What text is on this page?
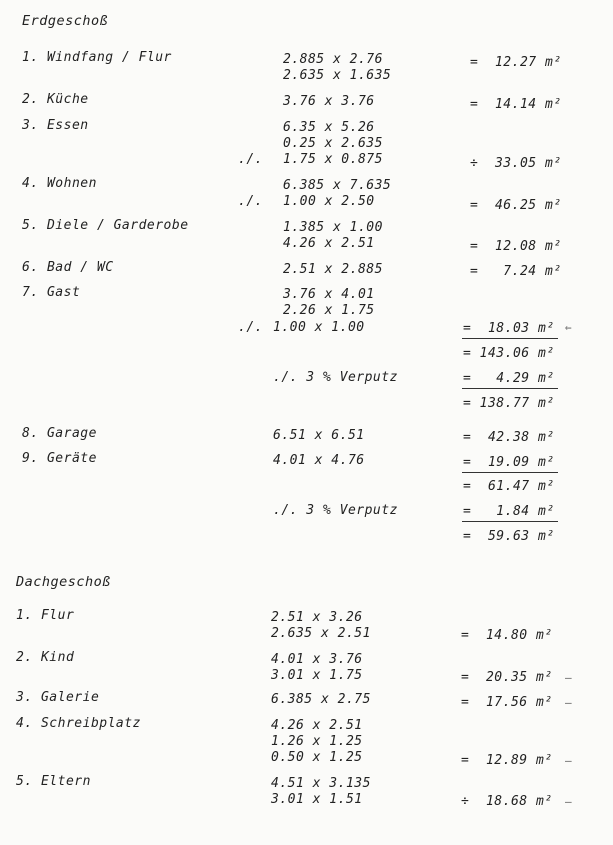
Erdgeschoß
1. Windfang / Flur	2.885 x 2.76
2.635 x 1.635
=  12.27 m²
2. Küche	3.76 x 3.76	=  14.14 m²
3. Essen	6.35 x 5.26
0.25 x 2.635
./. 1.75 x 0.875	÷  33.05 m²
4. Wohnen	6.385 x 7.635
./. 1.00 x 2.50	=  46.25 m²
5. Diele / Garderobe	1.385 x 1.00
4.26 x 2.51	=  12.08 m²
6. Bad / WC	2.51 x 2.885	=   7.24 m²
7. Gast	3.76 x 4.01
2.26 x 1.75
./. 1.00 x 1.00	=  18.03 m² ⇐
= 143.06 m²
./. 3 % Verputz	=   4.29 m²
= 138.77 m²
8. Garage	6.51 x 6.51	=  42.38 m²
9. Geräte	4.01 x 4.76	=  19.09 m²
=  61.47 m²
./. 3 % Verputz	=   1.84 m²
=  59.63 m²
Dachgeschoß
1. Flur	2.51 x 3.26
2.635 x 2.51	=  14.80 m²
2. Kind	4.01 x 3.76
3.01 x 1.75	=  20.35 m² —
3. Galerie	6.385 x 2.75	=  17.56 m² —
4. Schreibplatz	4.26 x 2.51
1.26 x 1.25
0.50 x 1.25	=  12.89 m² —
5. Eltern	4.51 x 3.135
3.01 x 1.51	÷  18.68 m² —
